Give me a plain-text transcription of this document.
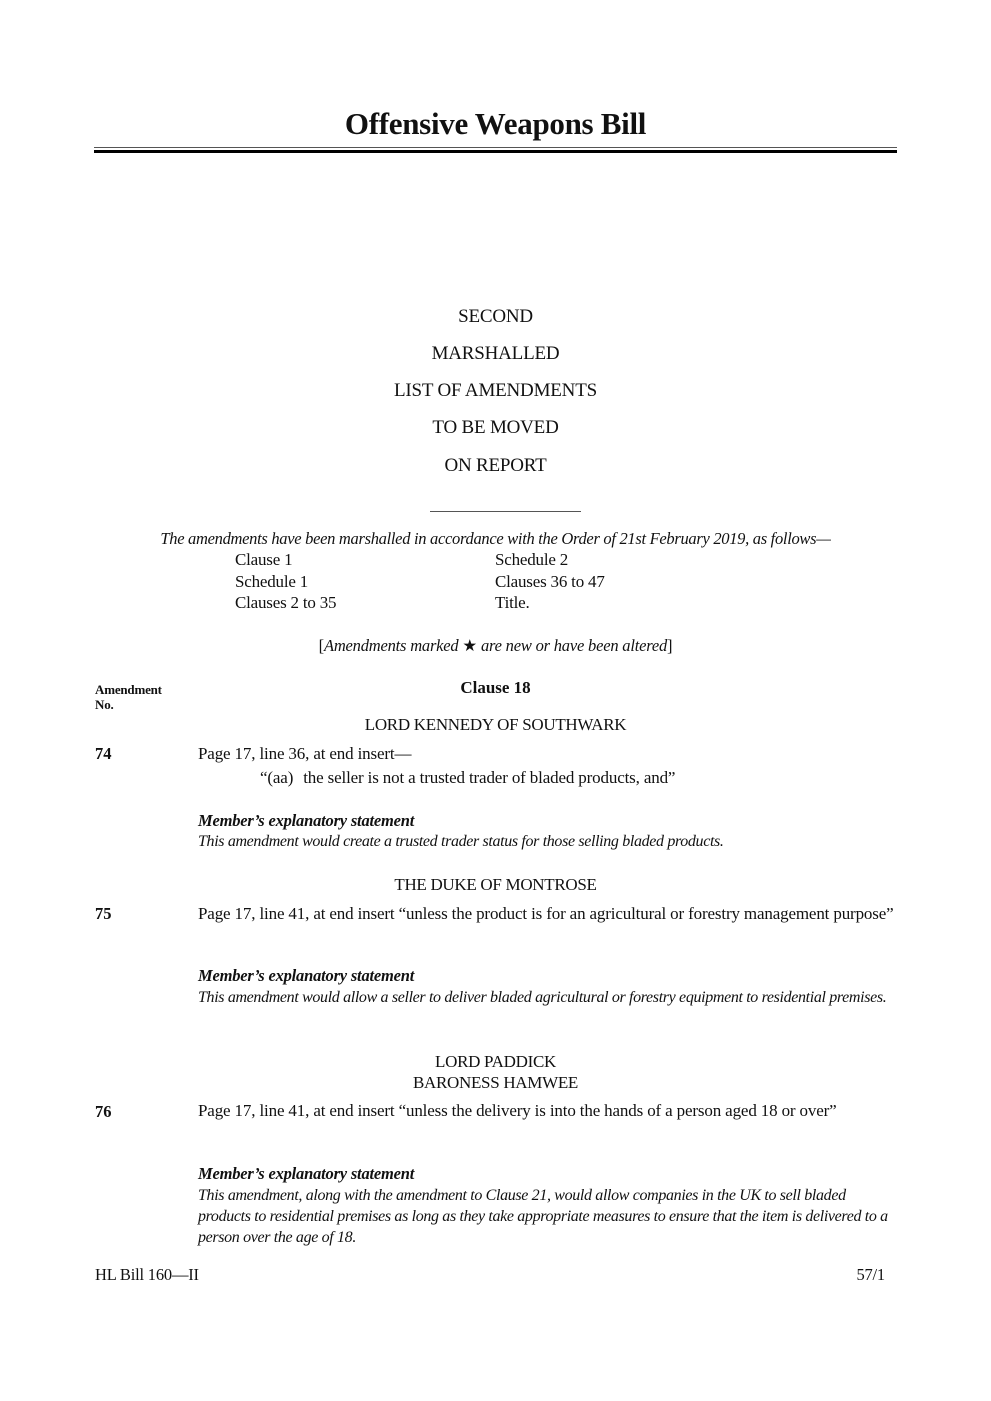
Offensive Weapons Bill
SECOND
MARSHALLED
LIST OF AMENDMENTS
TO BE MOVED
ON REPORT
The amendments have been marshalled in accordance with the Order of 21st February 2019, as follows—
Clause 1
Schedule 1
Clauses 2 to 35
Schedule 2
Clauses 36 to 47
Title.
[Amendments marked ★ are new or have been altered]
Amendment
No.
Clause 18
LORD KENNEDY OF SOUTHWARK
74	Page 17, line 36, at end insert—
“(aa) the seller is not a trusted trader of bladed products, and”
Member’s explanatory statement
This amendment would create a trusted trader status for those selling bladed products.
THE DUKE OF MONTROSE
75	Page 17, line 41, at end insert “unless the product is for an agricultural or forestry management purpose”
Member’s explanatory statement
This amendment would allow a seller to deliver bladed agricultural or forestry equipment to residential premises.
LORD PADDICK
BARONESS HAMWEE
76	Page 17, line 41, at end insert “unless the delivery is into the hands of a person aged 18 or over”
Member’s explanatory statement
This amendment, along with the amendment to Clause 21, would allow companies in the UK to sell bladed products to residential premises as long as they take appropriate measures to ensure that the item is delivered to a person over the age of 18.
HL Bill 160—II	57/1
